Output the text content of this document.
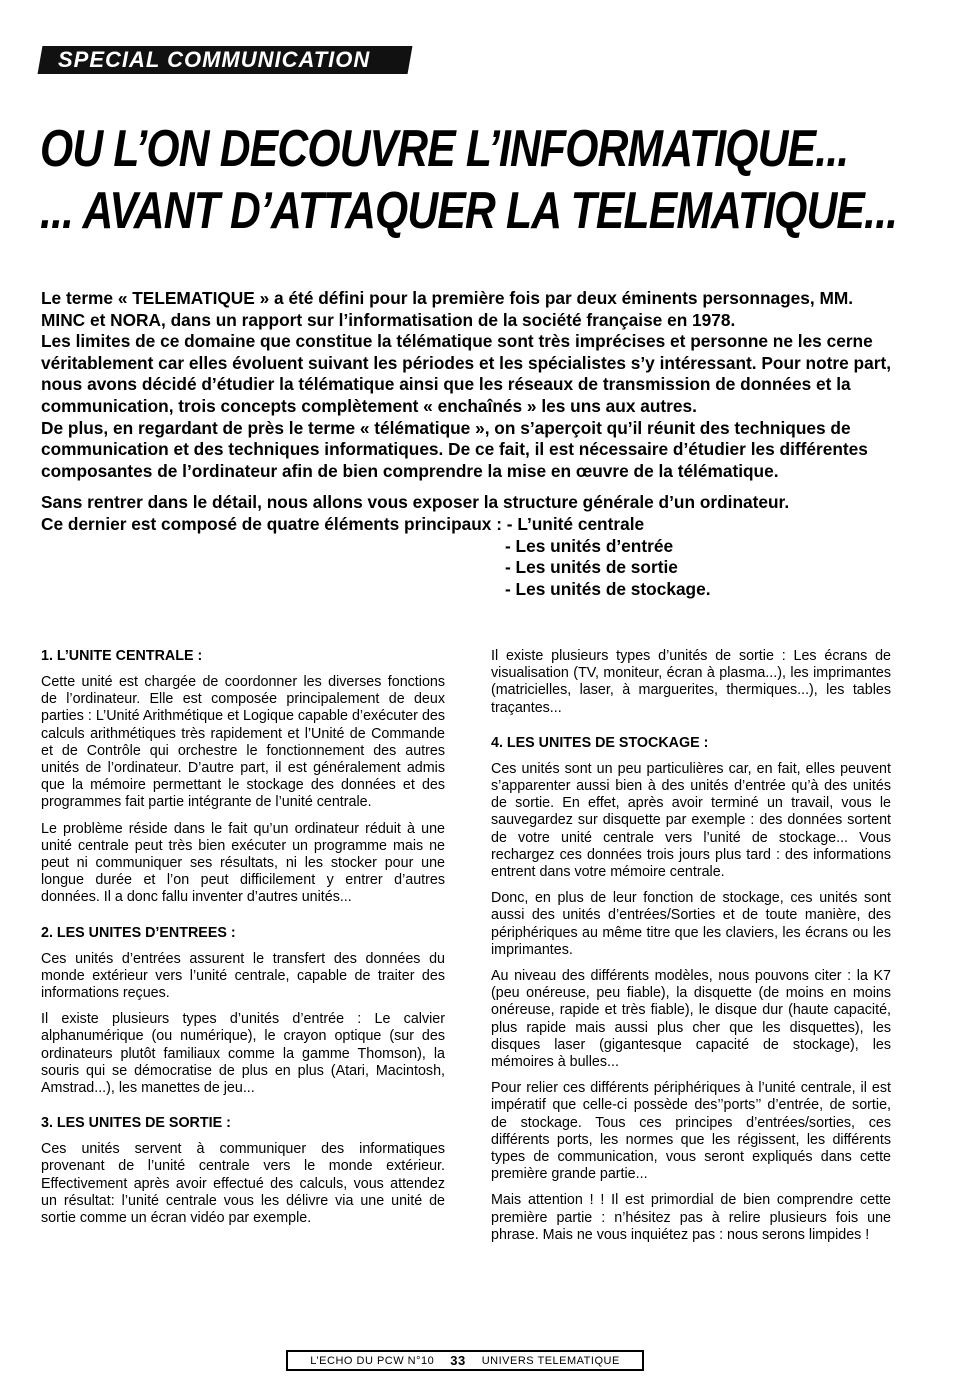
SPECIAL COMMUNICATION
OU L’ON DECOUVRE L’INFORMATIQUE...
... AVANT D’ATTAQUER LA TELEMATIQUE...

Le terme « TELEMATIQUE » a été défini pour la première fois par deux éminents personnages, MM. MINC et NORA, dans un rapport sur l’informatisation de la société française en 1978.

Les limites de ce domaine que constitue la télématique sont très imprécises et personne ne les cerne véritablement car elles évoluent suivant les périodes et les spécialistes s’y intéressant. Pour notre part, nous avons décidé d’étudier la télématique ainsi que les réseaux de transmission de données et la communication, trois concepts complètement « enchaînés » les uns aux autres.

De plus, en regardant de près le terme « télématique », on s’aperçoit qu’il réunit des techniques de communication et des techniques informatiques. De ce fait, il est nécessaire d’étudier les différentes composantes de l’ordinateur afin de bien comprendre la mise en œuvre de la télématique.

Sans rentrer dans le détail, nous allons vous exposer la structure générale d’un ordinateur.

Ce dernier est composé de quatre éléments principaux : - L’unité centrale

- Les unités d’entrée
- Les unités de sortie
- Les unités de stockage.
1. L’UNITE CENTRALE :

Cette unité est chargée de coordonner les diverses fonctions de l’ordinateur. Elle est composée principalement de deux parties : L’Unité Arithmétique et Logique capable d’exécuter des calculs arithmétiques très rapidement et l’Unité de Commande et de Contrôle qui orchestre le fonctionnement des autres unités de l’ordinateur. D’autre part, il est généralement admis que la mémoire permettant le stockage des données et des programmes fait partie intégrante de l’unité centrale.

Le problème réside dans le fait qu’un ordinateur réduit à une unité centrale peut très bien exécuter un programme mais ne peut ni communiquer ses résultats, ni les stocker pour une longue durée et l’on peut difficilement y entrer d’autres données. Il a donc fallu inventer d’autres unités...

2. LES UNITES D’ENTREES :

Ces unités d’entrées assurent le transfert des données du monde extérieur vers l’unité centrale, capable de traiter des informations reçues.

Il existe plusieurs types d’unités d’entrée : Le calvier alphanumérique (ou numérique), le crayon optique (sur des ordinateurs plutôt familiaux comme la gamme Thomson), la souris qui se démocratise de plus en plus (Atari, Macintosh, Amstrad...), les manettes de jeu...

3. LES UNITES DE SORTIE :

Ces unités servent à communiquer des informatiques provenant de l’unité centrale vers le monde extérieur. Effectivement après avoir effectué des calculs, vous attendez un résultat: l’unité centrale vous les délivre via une unité de sortie comme un écran vidéo par exemple.

Il existe plusieurs types d’unités de sortie : Les écrans de visualisation (TV, moniteur, écran à plasma...), les imprimantes (matricielles, laser, à marguerites, thermiques...), les tables traçantes...

4. LES UNITES DE STOCKAGE :

Ces unités sont un peu particulières car, en fait, elles peuvent s’apparenter aussi bien à des unités d’entrée qu’à des unités de sortie. En effet, après avoir terminé un travail, vous le sauvegardez sur disquette par exemple : des données sortent de votre unité centrale vers l’unité de stockage... Vous rechargez ces données trois jours plus tard : des informations entrent dans votre mémoire centrale.

Donc, en plus de leur fonction de stockage, ces unités sont aussi des unités d’entrées/Sorties et de toute manière, des périphériques au même titre que les claviers, les écrans ou les imprimantes.

Au niveau des différents modèles, nous pouvons citer : la K7 (peu onéreuse, peu fiable), la disquette (de moins en moins onéreuse, rapide et très fiable), le disque dur (haute capacité, plus rapide mais aussi plus cher que les disquettes), les disques laser (gigantesque capacité de stockage), les mémoires à bulles...

Pour relier ces différents périphériques à l’unité centrale, il est impératif que celle-ci possède des’’ports’’ d’entrée, de sortie, de stockage. Tous ces principes d’entrées/sorties, ces différents ports, les normes que les régissent, les différents types de communication, vous seront expliqués dans cette première grande partie...

Mais attention ! ! Il est primordial de bien comprendre cette première partie : n’hésitez pas à relire plusieurs fois une phrase. Mais ne vous inquiétez pas : nous serons limpides !

L’ECHO DU PCW N°10 33 UNIVERS TELEMATIQUE
